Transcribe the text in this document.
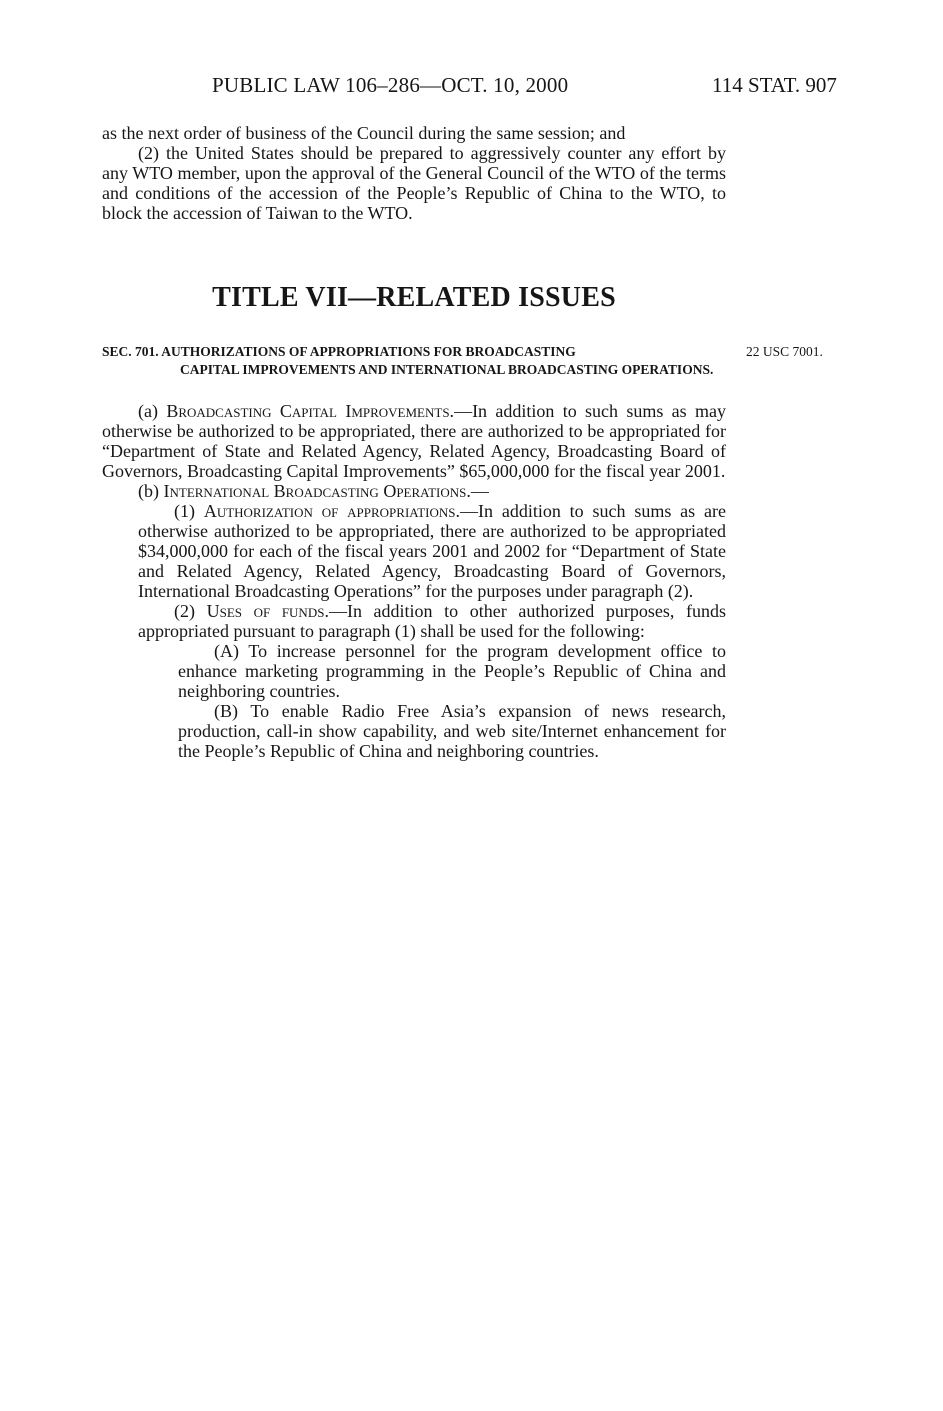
PUBLIC LAW 106–286—OCT. 10, 2000	114 STAT. 907

as the next order of business of the Council during the same session; and

(2) the United States should be prepared to aggressively counter any effort by any WTO member, upon the approval of the General Council of the WTO of the terms and conditions of the accession of the People’s Republic of China to the WTO, to block the accession of Taiwan to the WTO.

TITLE VII—RELATED ISSUES
SEC. 701. AUTHORIZATIONS OF APPROPRIATIONS FOR BROADCASTING
CAPITAL IMPROVEMENTS AND INTERNATIONAL BROADCASTING OPERATIONS.
22 USC 7001.

(a) Broadcasting Capital Improvements.—In addition to such sums as may otherwise be authorized to be appropriated, there are authorized to be appropriated for “Department of State and Related Agency, Related Agency, Broadcasting Board of Governors, Broadcasting Capital Improvements” $65,000,000 for the fiscal year 2001.

(b) International Broadcasting Operations.—

(1) Authorization of appropriations.—In addition to such sums as are otherwise authorized to be appropriated, there are authorized to be appropriated $34,000,000 for each of the fiscal years 2001 and 2002 for “Department of State and Related Agency, Related Agency, Broadcasting Board of Governors, International Broadcasting Operations” for the purposes under paragraph (2).

(2) Uses of funds.—In addition to other authorized purposes, funds appropriated pursuant to paragraph (1) shall be used for the following:

(A) To increase personnel for the program development office to enhance marketing programming in the People’s Republic of China and neighboring countries.

(B) To enable Radio Free Asia’s expansion of news research, production, call-in show capability, and web site/Internet enhancement for the People’s Republic of China and neighboring countries.
